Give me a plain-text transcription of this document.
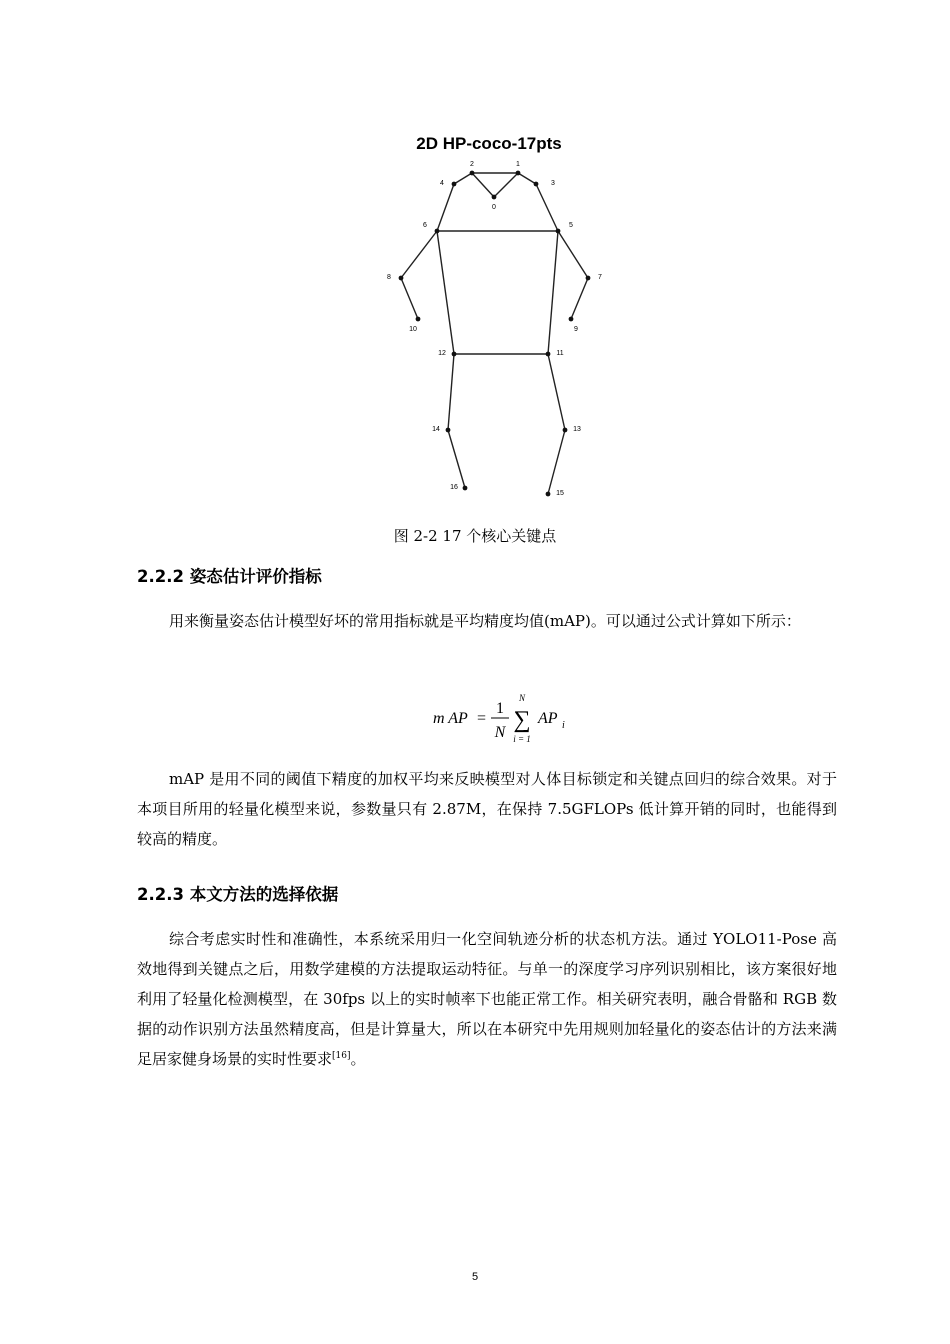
2D HP-coco-17pts
0
1
2
3
4
5
6
7
8
9
10
11
12
13
14
15
16
图 2-2 17 个核心关键点
2.2.2 姿态估计评价指标
用来衡量姿态估计模型好坏的常用指标就是平均精度均值(mAP)。可以通过公式计算如下所示：
m AP =
1
N ∑
N
i = 1
AP i
mAP 是用不同的阈值下精度的加权平均来反映模型对人体目标锁定和关键点回归的综合效果。对于本项目所用的轻量化模型来说，参数量只有 2.87M，在保持 7.5GFLOPs 低计算开销的同时，也能得到较高的精度。
2.2.3 本文方法的选择依据
综合考虑实时性和准确性，本系统采用归一化空间轨迹分析的状态机方法。通过 YOLO11-Pose 高效地得到关键点之后，用数学建模的方法提取运动特征。与单一的深度学习序列识别相比，该方案很好地利用了轻量化检测模型，在 30fps 以上的实时帧率下也能正常工作。相关研究表明，融合骨骼和 RGB 数据的动作识别方法虽然精度高，但是计算量大，所以在本研究中先用规则加轻量化的姿态估计的方法来满足居家健身场景的实时性要求[16]。
5
